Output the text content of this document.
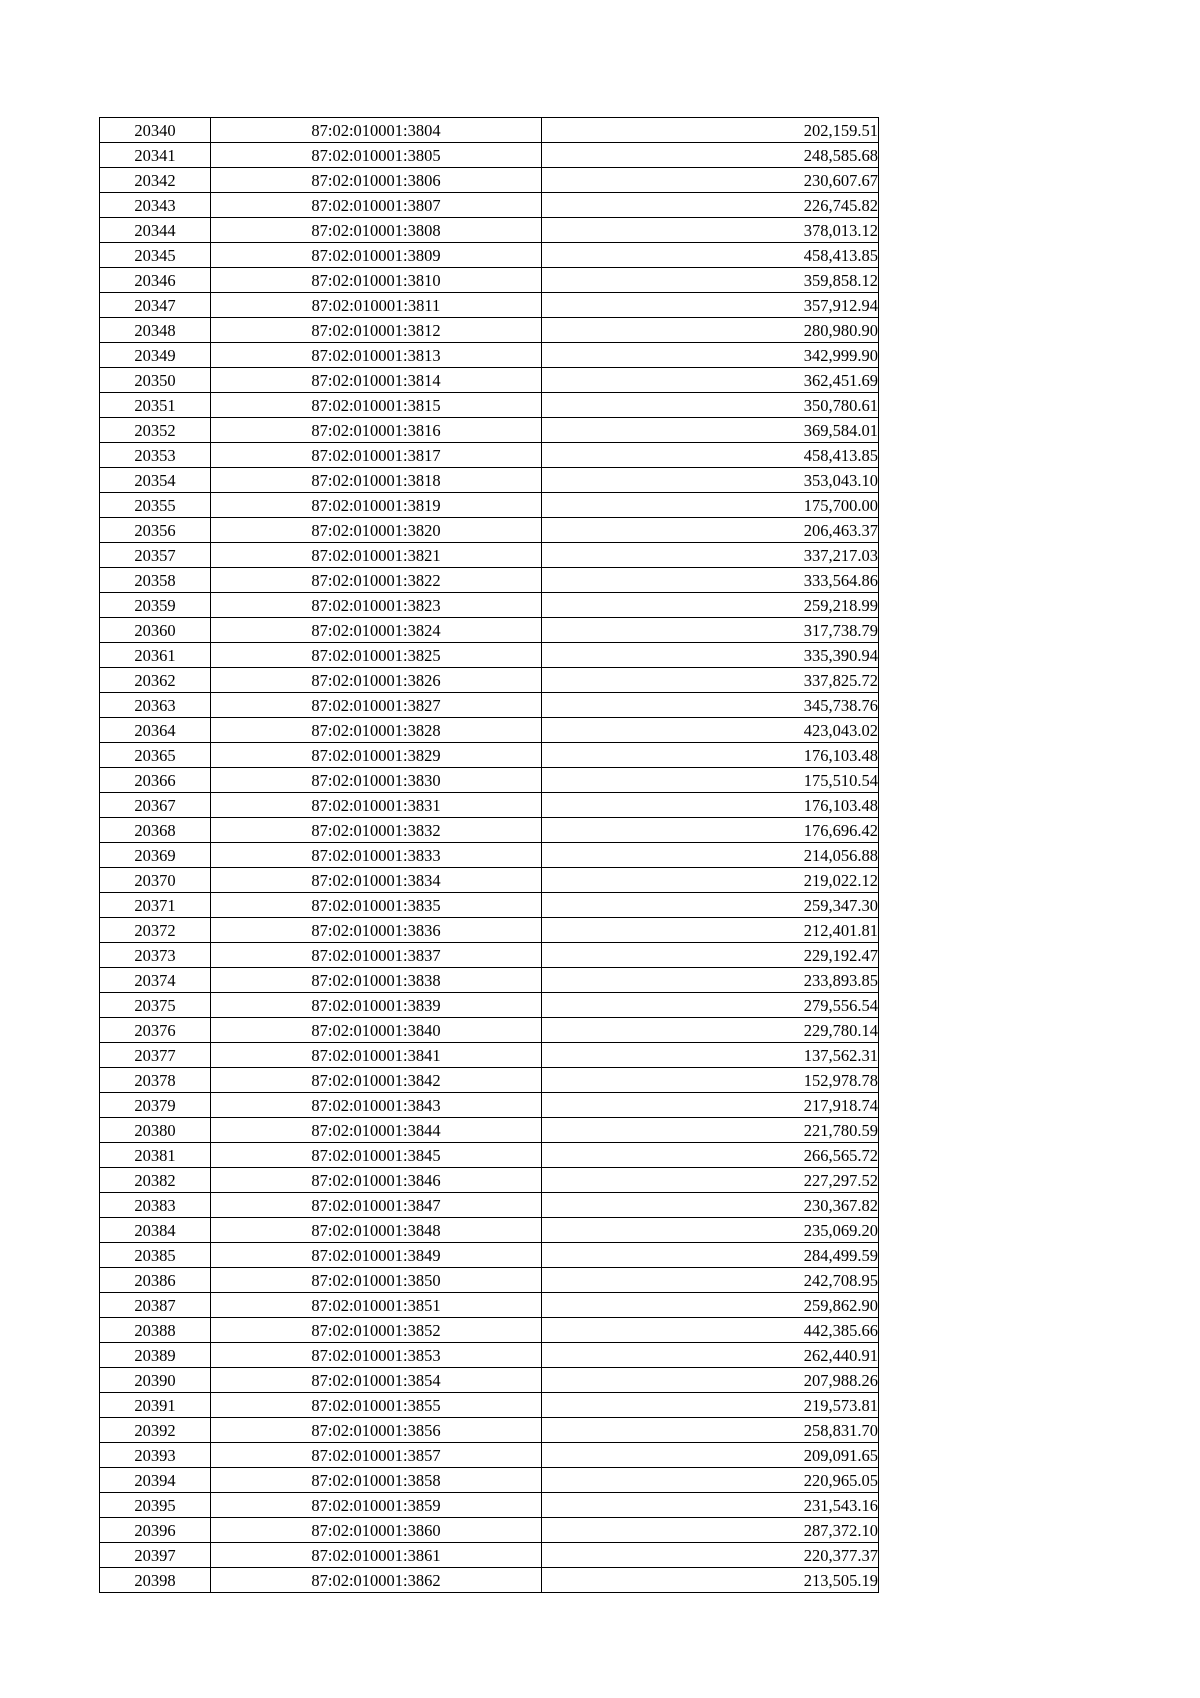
20340	87:02:010001:3804	202,159.51
20341	87:02:010001:3805	248,585.68
20342	87:02:010001:3806	230,607.67
20343	87:02:010001:3807	226,745.82
20344	87:02:010001:3808	378,013.12
20345	87:02:010001:3809	458,413.85
20346	87:02:010001:3810	359,858.12
20347	87:02:010001:3811	357,912.94
20348	87:02:010001:3812	280,980.90
20349	87:02:010001:3813	342,999.90
20350	87:02:010001:3814	362,451.69
20351	87:02:010001:3815	350,780.61
20352	87:02:010001:3816	369,584.01
20353	87:02:010001:3817	458,413.85
20354	87:02:010001:3818	353,043.10
20355	87:02:010001:3819	175,700.00
20356	87:02:010001:3820	206,463.37
20357	87:02:010001:3821	337,217.03
20358	87:02:010001:3822	333,564.86
20359	87:02:010001:3823	259,218.99
20360	87:02:010001:3824	317,738.79
20361	87:02:010001:3825	335,390.94
20362	87:02:010001:3826	337,825.72
20363	87:02:010001:3827	345,738.76
20364	87:02:010001:3828	423,043.02
20365	87:02:010001:3829	176,103.48
20366	87:02:010001:3830	175,510.54
20367	87:02:010001:3831	176,103.48
20368	87:02:010001:3832	176,696.42
20369	87:02:010001:3833	214,056.88
20370	87:02:010001:3834	219,022.12
20371	87:02:010001:3835	259,347.30
20372	87:02:010001:3836	212,401.81
20373	87:02:010001:3837	229,192.47
20374	87:02:010001:3838	233,893.85
20375	87:02:010001:3839	279,556.54
20376	87:02:010001:3840	229,780.14
20377	87:02:010001:3841	137,562.31
20378	87:02:010001:3842	152,978.78
20379	87:02:010001:3843	217,918.74
20380	87:02:010001:3844	221,780.59
20381	87:02:010001:3845	266,565.72
20382	87:02:010001:3846	227,297.52
20383	87:02:010001:3847	230,367.82
20384	87:02:010001:3848	235,069.20
20385	87:02:010001:3849	284,499.59
20386	87:02:010001:3850	242,708.95
20387	87:02:010001:3851	259,862.90
20388	87:02:010001:3852	442,385.66
20389	87:02:010001:3853	262,440.91
20390	87:02:010001:3854	207,988.26
20391	87:02:010001:3855	219,573.81
20392	87:02:010001:3856	258,831.70
20393	87:02:010001:3857	209,091.65
20394	87:02:010001:3858	220,965.05
20395	87:02:010001:3859	231,543.16
20396	87:02:010001:3860	287,372.10
20397	87:02:010001:3861	220,377.37
20398	87:02:010001:3862	213,505.19
